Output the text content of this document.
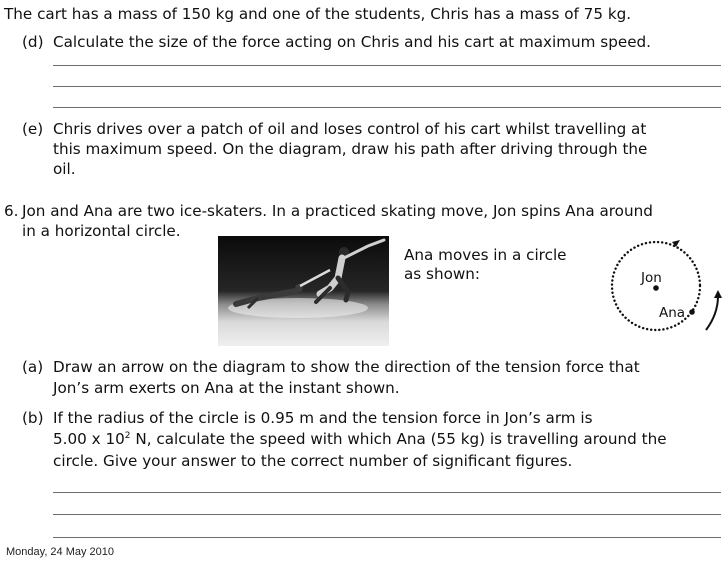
The cart has a mass of 150 kg and one of the students, Chris has a mass of 75 kg.
(d) Calculate the size of the force acting on Chris and his cart at maximum speed.
(e) Chris drives over a patch of oil and loses control of his cart whilst travelling at
this maximum speed. On the diagram, draw his path after driving through the
oil.
6. Jon and Ana are two ice-skaters. In a practiced skating move, Jon spins Ana around
in a horizontal circle.
Ana moves in a circle
as shown:	Jon
Ana
(a) Draw an arrow on the diagram to show the direction of the tension force that
Jon’s arm exerts on Ana at the instant shown.
(b) If the radius of the circle is 0.95 m and the tension force in Jon’s arm is
5.00 x $10^2$ N, calculate the speed with which Ana (55 kg) is travelling around the
circle. Give your answer to the correct number of significant figures.
Monday, 24 May 2010
